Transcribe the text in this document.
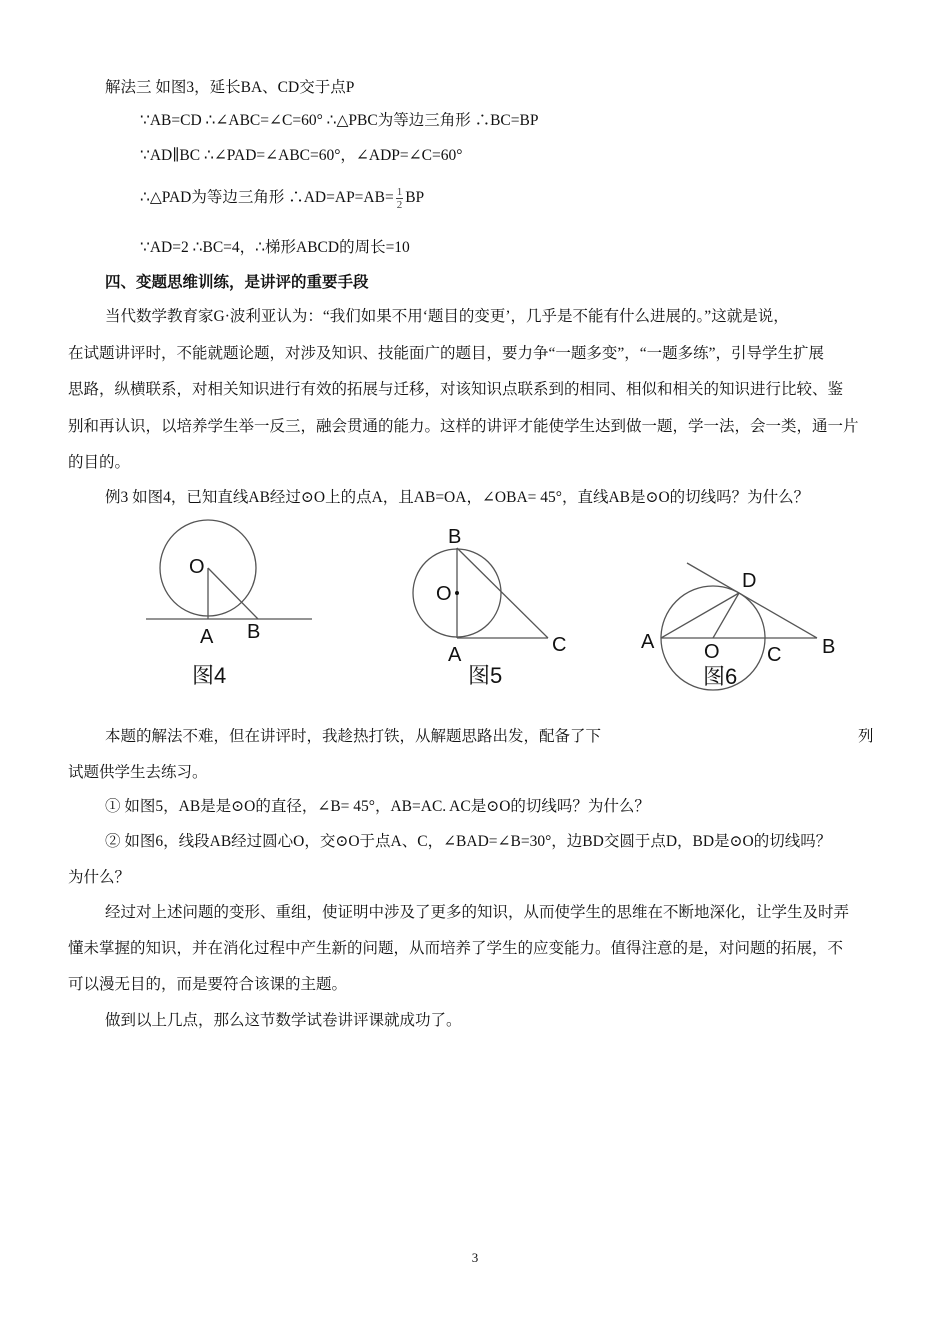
解法三 如图3，延长BA、CD交于点P
∵AB=CD ∴∠ABC=∠C=60° ∴△PBC为等边三角形 ∴BC=BP
∵AD∥BC ∴∠PAD=∠ABC=60°，∠ADP=∠C=60°
∴△PAD为等边三角形 ∴AD=AP=AB= $\frac{1}{2}$ BP
∵AD=2 ∴BC=4，∴梯形ABCD的周长=10
四、变题思维训练，是讲评的重要手段
当代数学教育家G·波利亚认为：“我们如果不用‘题目的变更’，几乎是不能有什么进展的。”这就是说，
在试题讲评时，不能就题论题，对涉及知识、技能面广的题目，要力争“一题多变”，“一题多练”，引导学生扩展
思路，纵横联系，对相关知识进行有效的拓展与迁移，对该知识点联系到的相同、相似和相关的知识进行比较、鉴
别和再认识，以培养学生举一反三，融会贯通的能力。这样的讲评才能使学生达到做一题，学一法，会一类，通一片
的目的。
例3 如图4，已知直线AB经过⊙O上的点A，且AB=OA，∠OBA= 45°，直线AB是⊙O的切线吗？为什么？
O
A B
图4
B
O
A	C
图5
A O C B
D
图6
本题的解法不难，但在讲评时，我趁热打铁，从解题思路出发，配备了下	列
试题供学生去练习。
① 如图5，AB是是⊙O的直径，∠B= 45°，AB=AC. AC是⊙O的切线吗？为什么？
② 如图6，线段AB经过圆心O，交⊙O于点A、C，∠BAD=∠B=30°，边BD交圆于点D，BD是⊙O的切线吗？
为什么？
经过对上述问题的变形、重组，使证明中涉及了更多的知识，从而使学生的思维在不断地深化，让学生及时弄
懂未掌握的知识，并在消化过程中产生新的问题，从而培养了学生的应变能力。值得注意的是，对问题的拓展，不
可以漫无目的，而是要符合该课的主题。
做到以上几点，那么这节数学试卷讲评课就成功了。
3
